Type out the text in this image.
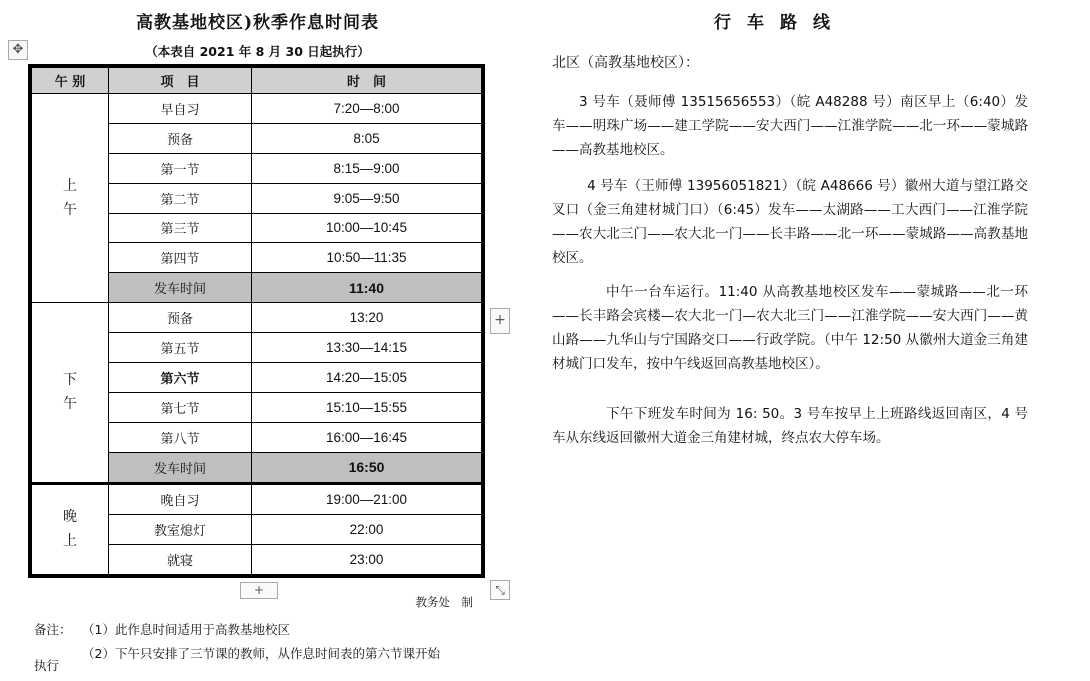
高教基地校区)秋季作息时间表
（本表自 2021 年 8 月 30 日起执行）
✥
午 别	项　目	时　间
上
午	早自习	7:20—8:00
	预备	8:05
	第一节	8:15—9:00
	第二节	9:05—9:50
	第三节	10:00—10:45
	第四节	10:50—11:35
	发车时间	11:40
下
午	预备	13:20
	第五节	13:30—14:15
	第六节	14:20—15:05
	第七节	15:10—15:55
	第八节	16:00—16:45
	发车时间	16:50
晚
上	晚自习	19:00—21:00
	教室熄灯	22:00
	就寝	23:00
+
+	⤡
教务处　制
备注： （1）此作息时间适用于高教基地校区
（2）下午只安排了三节课的教师，从作息时间表的第六节课开始
执行
行车路线
北区（高教基地校区）：
3 号车（聂师傅 13515656553）（皖 A48288 号）南区早上（6:40）发车——明珠广场——建工学院——安大西门——江淮学院——北一环——蒙城路——高教基地校区。
4 号车（王师傅 13956051821）（皖 A48666 号）徽州大道与望江路交叉口（金三角建材城门口）（6:45）发车——太湖路——工大西门——江淮学院——农大北三门——农大北一门——长丰路——北一环——蒙城路——高教基地校区。
中午一台车运行。11:40 从高教基地校区发车——蒙城路——北一环——长丰路会宾楼—农大北一门—农大北三门——江淮学院——安大西门——黄山路——九华山与宁国路交口——行政学院。（中午 12:50 从徽州大道金三角建材城门口发车，按中午线返回高教基地校区）。
下午下班发车时间为 16: 50。3 号车按早上上班路线返回南区，4 号车从东线返回徽州大道金三角建材城，终点农大停车场。
